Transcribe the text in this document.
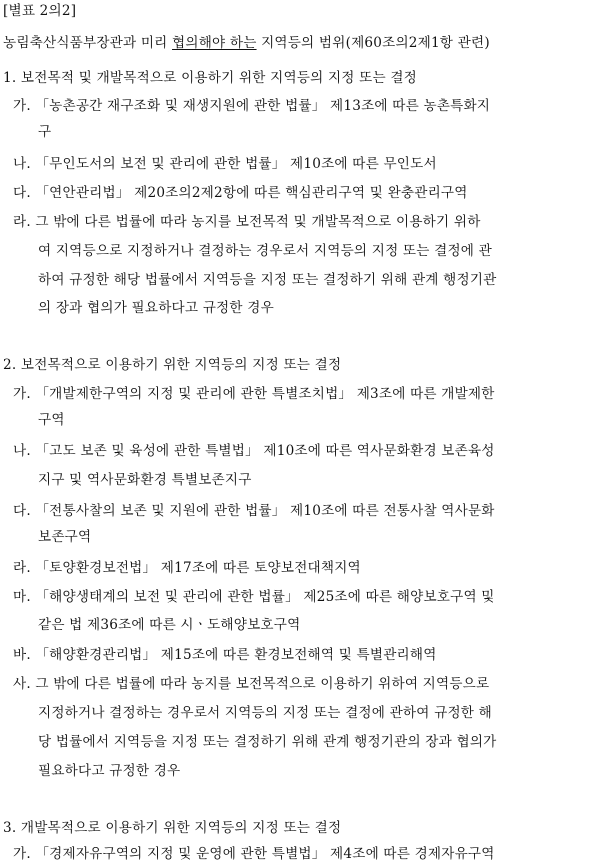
[별표 2의2]
농림축산식품부장관과 미리 협의해야 하는 지역등의 범위(제60조의2제1항 관련)
1. 보전목적 및 개발목적으로 이용하기 위한 지역등의 지정 또는 결정
가. 「농촌공간 재구조화 및 재생지원에 관한 법률」 제13조에 따른 농촌특화지
구
나. 「무인도서의 보전 및 관리에 관한 법률」 제10조에 따른 무인도서
다. 「연안관리법」 제20조의2제2항에 따른 핵심관리구역 및 완충관리구역
라. 그 밖에 다른 법률에 따라 농지를 보전목적 및 개발목적으로 이용하기 위하
여 지역등으로 지정하거나 결정하는 경우로서 지역등의 지정 또는 결정에 관
하여 규정한 해당 법률에서 지역등을 지정 또는 결정하기 위해 관계 행정기관
의 장과 협의가 필요하다고 규정한 경우
2. 보전목적으로 이용하기 위한 지역등의 지정 또는 결정
가. 「개발제한구역의 지정 및 관리에 관한 특별조치법」 제3조에 따른 개발제한
구역
나. 「고도 보존 및 육성에 관한 특별법」 제10조에 따른 역사문화환경 보존육성
지구 및 역사문화환경 특별보존지구
다. 「전통사찰의 보존 및 지원에 관한 법률」 제10조에 따른 전통사찰 역사문화
보존구역
라. 「토양환경보전법」 제17조에 따른 토양보전대책지역
마. 「해양생태계의 보전 및 관리에 관한 법률」 제25조에 따른 해양보호구역 및
같은 법 제36조에 따른 시ㆍ도해양보호구역
바. 「해양환경관리법」 제15조에 따른 환경보전해역 및 특별관리해역
사. 그 밖에 다른 법률에 따라 농지를 보전목적으로 이용하기 위하여 지역등으로
지정하거나 결정하는 경우로서 지역등의 지정 또는 결정에 관하여 규정한 해
당 법률에서 지역등을 지정 또는 결정하기 위해 관계 행정기관의 장과 협의가
필요하다고 규정한 경우
3. 개발목적으로 이용하기 위한 지역등의 지정 또는 결정
가. 「경제자유구역의 지정 및 운영에 관한 특별법」 제4조에 따른 경제자유구역
